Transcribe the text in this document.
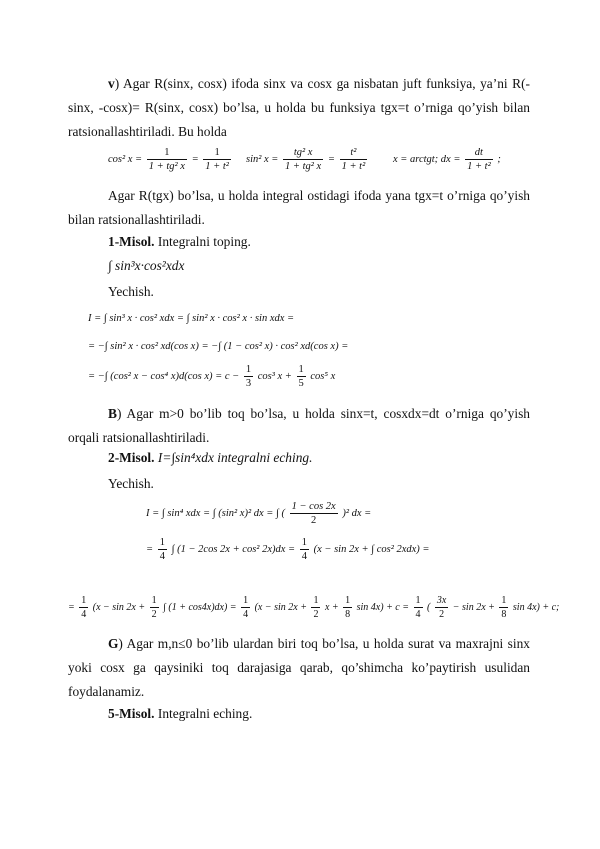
v) Agar R(sinx, cosx) ifoda sinx va cosx ga nisbatan juft funksiya, ya’ni R(-sinx, -cosx)= R(sinx, cosx) bo’lsa, u holda bu funksiya tgx=t o’rniga qo’yish bilan ratsionallashtiriladi. Bu holda
cos² $x = \frac{1}{\text{1 + tg² x}} = \frac{1}{\text{1 + t²}} \sin^2$ $x = \frac{\text{tg² x}}{\text{1 + tg² x}} = \frac{\text{t²}}{\text{1 + t²}}$ x = arctgt; dx = $\frac{dt}{\text{1 + t²}}$ ;
Agar R(tgx) bo’lsa, u holda integral ostidagi ifoda yana tgx=t o’rniga qo’yish bilan ratsionallashtiriladi.
1-Misol. Integralni toping.
∫ sin³x·cos²xdx
Yechish.
I = ∫ sin³ x · cos² xdx = ∫ sin² x · cos² x · sin xdx =
= −∫ sin² x · cos² xd(cos x) = −∫ (1 − cos² x) · cos² xd(cos x) =
= −∫ (cos² x − cos⁴ x)d(cos $x) = c - \frac{1}{3} \cos^3$ $x + \frac{1}{5} \cos^5$ x
B) Agar m>0 bo’lib toq bo’lsa, u holda sinx=t, cosxdx=dt o’rniga qo’yish orqali ratsionallashtiriladi.
2-Misol. I=∫sin⁴xdx integralni eching.
Yechish.
I = ∫ sin⁴ xdx = ∫ (sin² x)² dx = ∫ ( $\frac{1 - \cos 2x}{2} )^2$ dx =
= $\frac{1}{4}$ ∫ (1 − 2cos 2x + cos² $2x)dx = \frac{1}{4} (x - \sin 2x$ + ∫ cos² 2xdx) =
= $\frac{1}{4} (x - \sin 2x + \frac{1}{2}$ ∫ $(1 + \cos 4x)dx) = \frac{1}{4} (x - \sin 2x + \frac{1}{2}$ $x + \frac{1}{8}$ $\sin 4x) + c = \frac{1}{4}$ ( $\frac{3x}{2} - \sin 2x + \frac{1}{8}$ sin 4x) + c;
G) Agar m,n≤0 bo’lib ulardan biri toq bo’lsa, u holda surat va maxrajni sinx yoki cosx ga qaysiniki toq darajasiga qarab, qo’shimcha ko’paytirish usulidan foydalanamiz.
5-Misol. Integralni eching.
